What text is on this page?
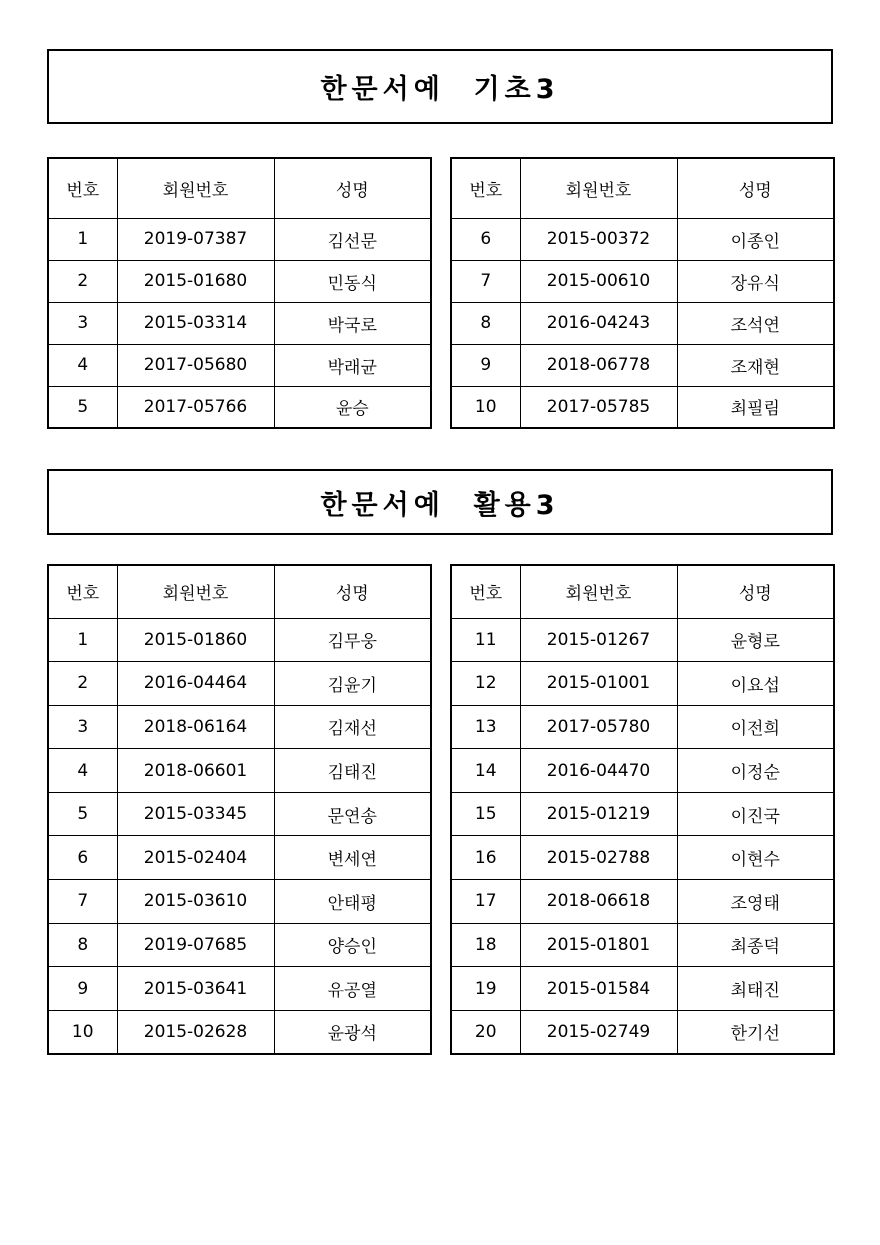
한문서예  기초3
번호	회원번호	성명
1	2019-07387	김선문
2	2015-01680	민동식
3	2015-03314	박국로
4	2017-05680	박래균
5	2017-05766	윤승
번호	회원번호	성명
6	2015-00372	이종인
7	2015-00610	장유식
8	2016-04243	조석연
9	2018-06778	조재현
10	2017-05785	최필림
한문서예  활용3
번호	회원번호	성명
1	2015-01860	김무웅
2	2016-04464	김윤기
3	2018-06164	김재선
4	2018-06601	김태진
5	2015-03345	문연송
6	2015-02404	변세연
7	2015-03610	안태평
8	2019-07685	양승인
9	2015-03641	유공열
10	2015-02628	윤광석
번호	회원번호	성명
11	2015-01267	윤형로
12	2015-01001	이요섭
13	2017-05780	이전희
14	2016-04470	이정순
15	2015-01219	이진국
16	2015-02788	이현수
17	2018-06618	조영태
18	2015-01801	최종덕
19	2015-01584	최태진
20	2015-02749	한기선
